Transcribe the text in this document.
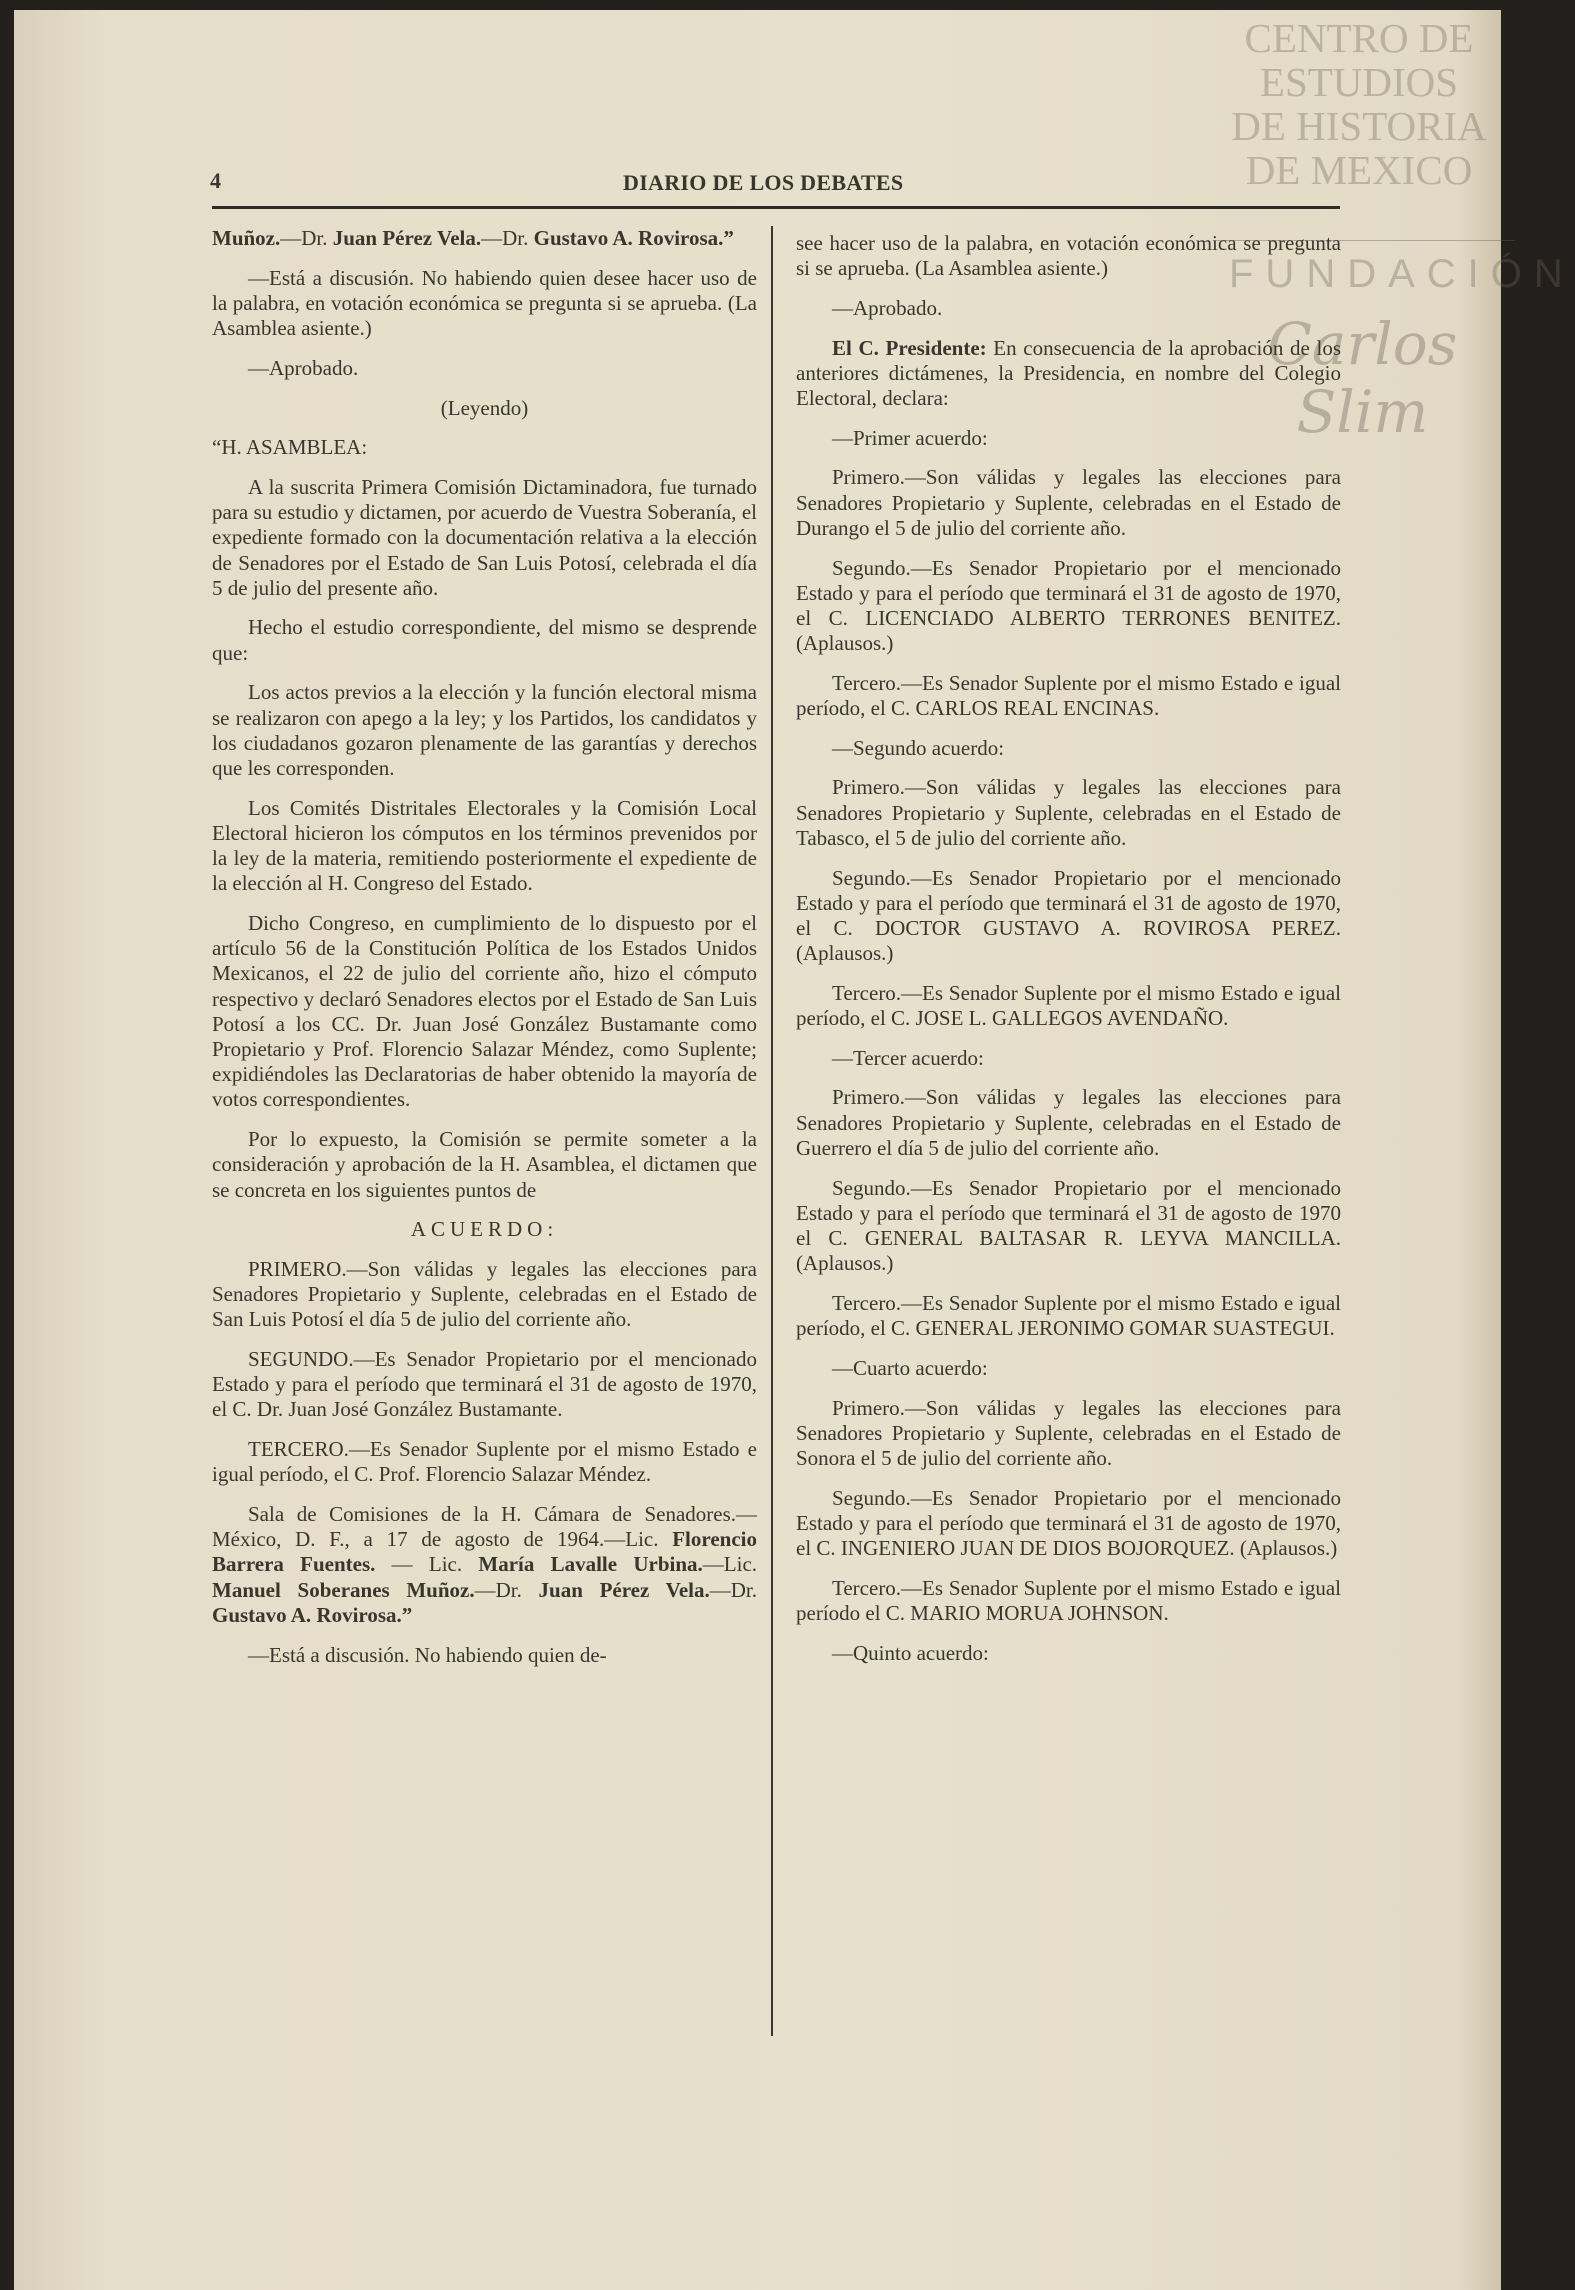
CENTRO DE
ESTUDIOS
DE HISTORIA
DE MEXICO
FUNDACIÓN
Carlos Slim
4	DIARIO DE LOS DEBATES

Muñoz.—Dr. Juan Pérez Vela.—Dr. Gustavo A. Rovirosa.”

—Está a discusión. No habiendo quien desee hacer uso de la palabra, en votación económica se pregunta si se aprueba. (La Asamblea asiente.)

—Aprobado.

(Leyendo)

“H. ASAMBLEA:

A la suscrita Primera Comisión Dictaminadora, fue turnado para su estudio y dictamen, por acuerdo de Vuestra Soberanía, el expediente formado con la documentación relativa a la elección de Senadores por el Estado de San Luis Potosí, celebrada el día 5 de julio del presente año.

Hecho el estudio correspondiente, del mismo se desprende que:

Los actos previos a la elección y la función electoral misma se realizaron con apego a la ley; y los Partidos, los candidatos y los ciudadanos gozaron plenamente de las garantías y derechos que les corresponden.

Los Comités Distritales Electorales y la Comisión Local Electoral hicieron los cómputos en los términos prevenidos por la ley de la materia, remitiendo posteriormente el expediente de la elección al H. Congreso del Estado.

Dicho Congreso, en cumplimiento de lo dispuesto por el artículo 56 de la Constitución Política de los Estados Unidos Mexicanos, el 22 de julio del corriente año, hizo el cómputo respectivo y declaró Senadores electos por el Estado de San Luis Potosí a los CC. Dr. Juan José González Bustamante como Propietario y Prof. Florencio Salazar Méndez, como Suplente; expidiéndoles las Declaratorias de haber obtenido la mayoría de votos correspondientes.

Por lo expuesto, la Comisión se permite someter a la consideración y aprobación de la H. Asamblea, el dictamen que se concreta en los siguientes puntos de

ACUERDO:

PRIMERO.—Son válidas y legales las elecciones para Senadores Propietario y Suplente, celebradas en el Estado de San Luis Potosí el día 5 de julio del corriente año.

SEGUNDO.—Es Senador Propietario por el mencionado Estado y para el período que terminará el 31 de agosto de 1970, el C. Dr. Juan José González Bustamante.

TERCERO.—Es Senador Suplente por el mismo Estado e igual período, el C. Prof. Florencio Salazar Méndez.

Sala de Comisiones de la H. Cámara de Senadores.—México, D. F., a 17 de agosto de 1964.—Lic. Florencio Barrera Fuentes. — Lic. María Lavalle Urbina.—Lic. Manuel Soberanes Muñoz.—Dr. Juan Pérez Vela.—Dr. Gustavo A. Rovirosa.”

—Está a discusión. No habiendo quien de-

see hacer uso de la palabra, en votación económica se pregunta si se aprueba. (La Asamblea asiente.)

—Aprobado.

El C. Presidente: En consecuencia de la aprobación de los anteriores dictámenes, la Presidencia, en nombre del Colegio Electoral, declara:

—Primer acuerdo:

Primero.—Son válidas y legales las elecciones para Senadores Propietario y Suplente, celebradas en el Estado de Durango el 5 de julio del corriente año.

Segundo.—Es Senador Propietario por el mencionado Estado y para el período que terminará el 31 de agosto de 1970, el C. LICENCIADO ALBERTO TERRONES BENITEZ. (Aplausos.)

Tercero.—Es Senador Suplente por el mismo Estado e igual período, el C. CARLOS REAL ENCINAS.

—Segundo acuerdo:

Primero.—Son válidas y legales las elecciones para Senadores Propietario y Suplente, celebradas en el Estado de Tabasco, el 5 de julio del corriente año.

Segundo.—Es Senador Propietario por el mencionado Estado y para el período que terminará el 31 de agosto de 1970, el C. DOCTOR GUSTAVO A. ROVIROSA PEREZ. (Aplausos.)

Tercero.—Es Senador Suplente por el mismo Estado e igual período, el C. JOSE L. GALLEGOS AVENDAÑO.

—Tercer acuerdo:

Primero.—Son válidas y legales las elecciones para Senadores Propietario y Suplente, celebradas en el Estado de Guerrero el día 5 de julio del corriente año.

Segundo.—Es Senador Propietario por el mencionado Estado y para el período que terminará el 31 de agosto de 1970 el C. GENERAL BALTASAR R. LEYVA MANCILLA. (Aplausos.)

Tercero.—Es Senador Suplente por el mismo Estado e igual período, el C. GENERAL JERONIMO GOMAR SUASTEGUI.

—Cuarto acuerdo:

Primero.—Son válidas y legales las elecciones para Senadores Propietario y Suplente, celebradas en el Estado de Sonora el 5 de julio del corriente año.

Segundo.—Es Senador Propietario por el mencionado Estado y para el período que terminará el 31 de agosto de 1970, el C. INGENIERO JUAN DE DIOS BOJORQUEZ. (Aplausos.)

Tercero.—Es Senador Suplente por el mismo Estado e igual período el C. MARIO MORUA JOHNSON.

—Quinto acuerdo:
